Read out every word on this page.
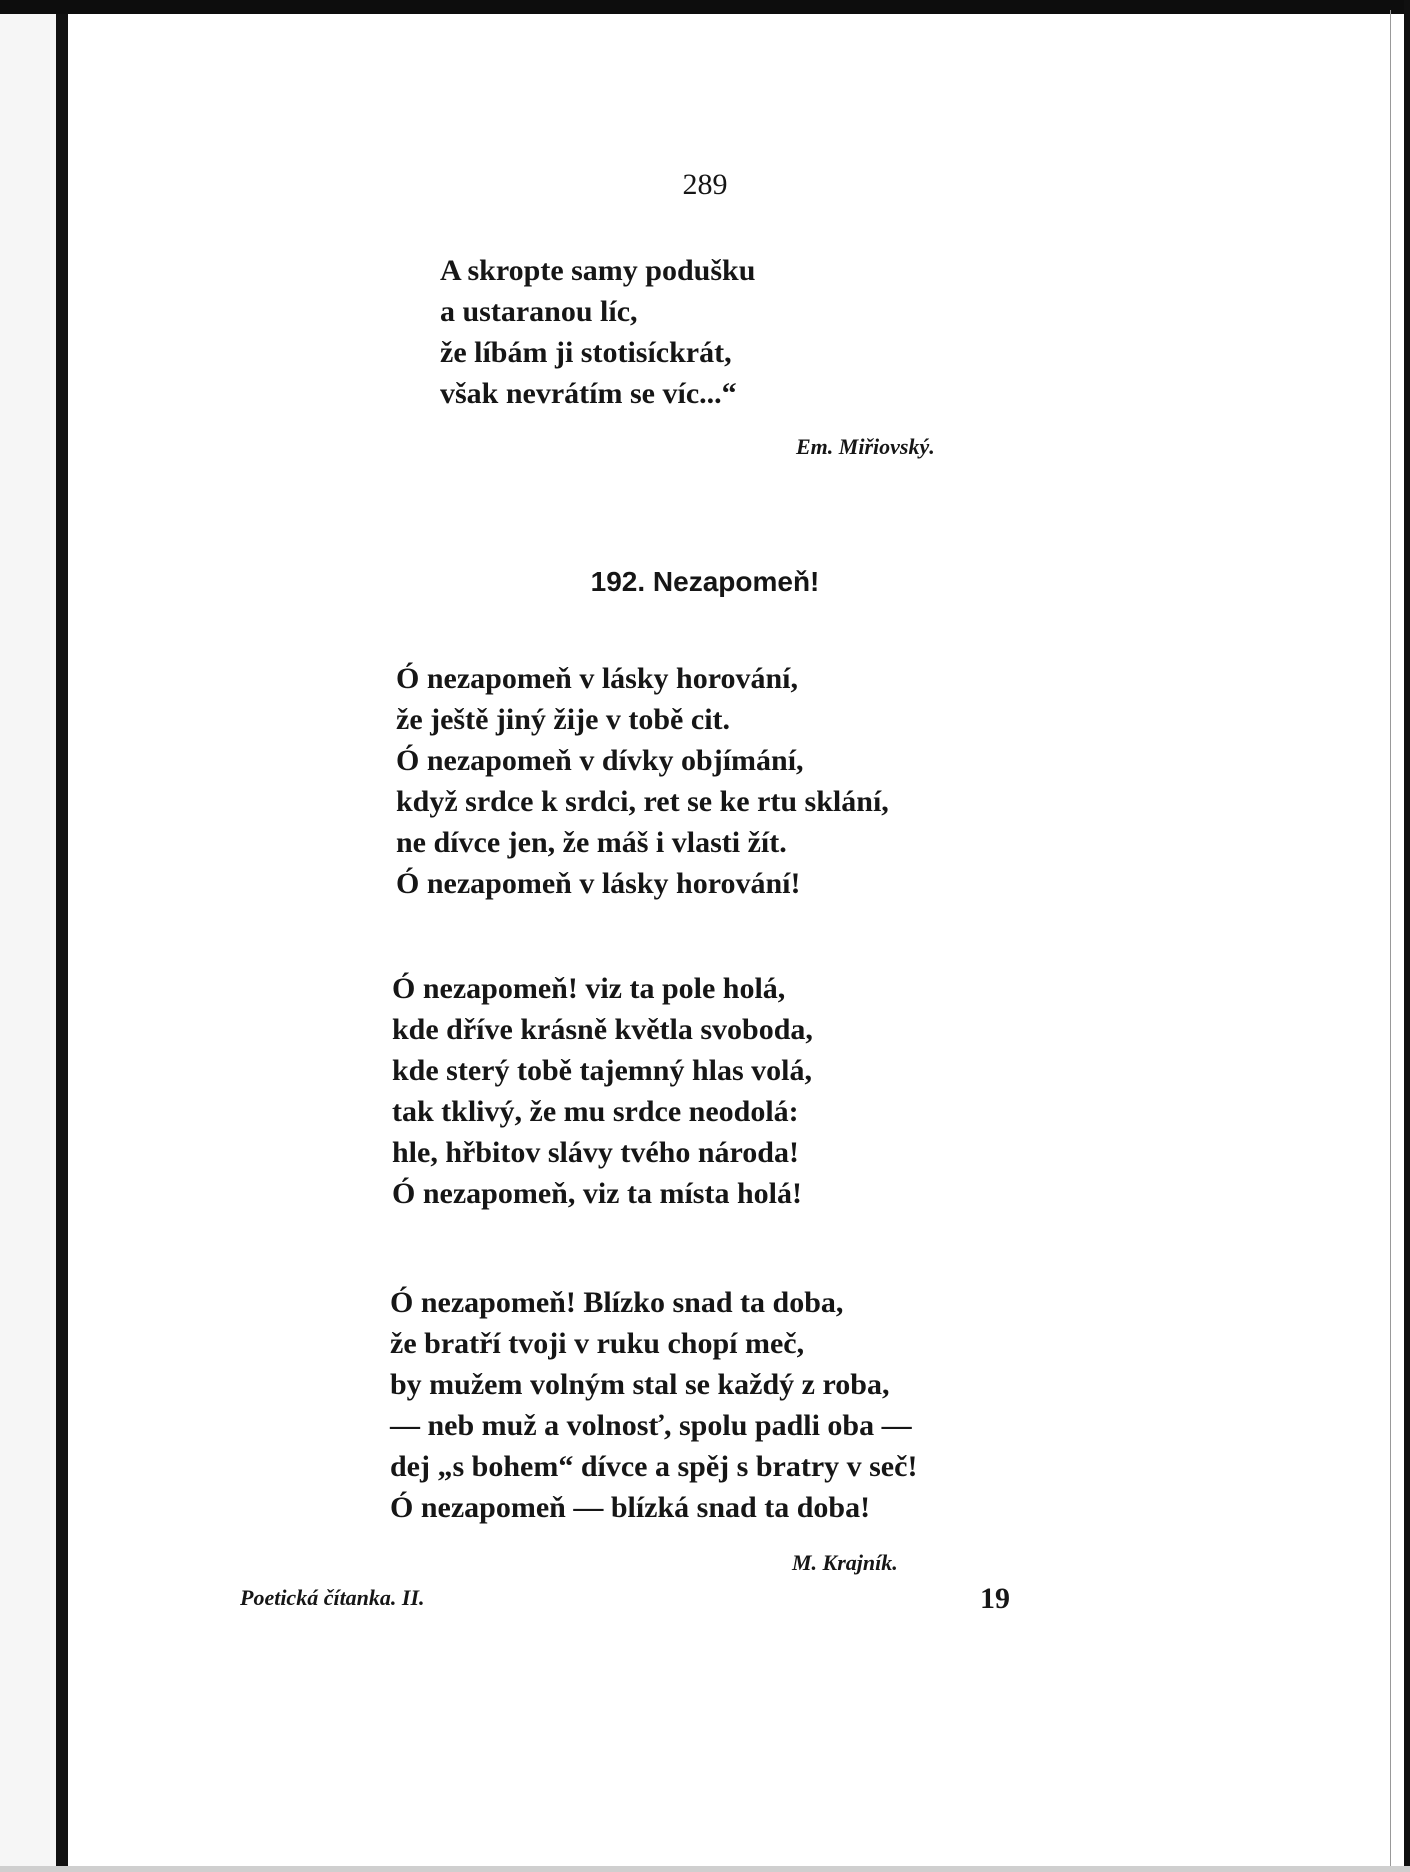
289
A skropte samy podušku
a ustaranou líc,
že líbám ji stotisíckrát,
však nevrátím se víc...“
Em. Miřiovský.
192. Nezapomeň!
Ó nezapomeň v lásky horování,
že ještě jiný žije v tobě cit.
Ó nezapomeň v dívky objímání,
když srdce k srdci, ret se ke rtu sklání,
ne dívce jen, že máš i vlasti žít.
Ó nezapomeň v lásky horování!
Ó nezapomeň! viz ta pole holá,
kde dříve krásně květla svoboda,
kde sterý tobě tajemný hlas volá,
tak tklivý, že mu srdce neodolá:
hle, hřbitov slávy tvého národa!
Ó nezapomeň, viz ta místa holá!
Ó nezapomeň! Blízko snad ta doba,
že bratří tvoji v ruku chopí meč,
by mužem volným stal se každý z roba,
— neb muž a volnosť, spolu padli oba —
dej „s bohem“ dívce a spěj s bratry v seč!
Ó nezapomeň — blízká snad ta doba!
M. Krajník.
Poetická čítanka. II.	19
